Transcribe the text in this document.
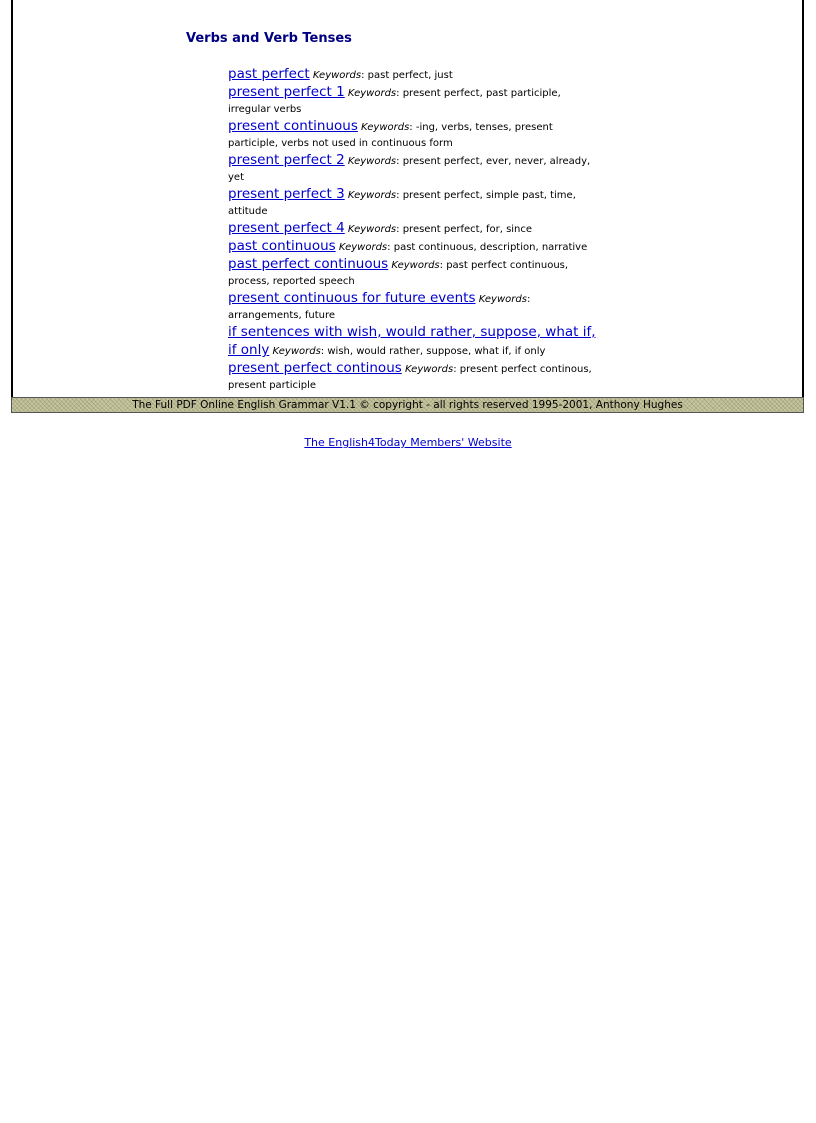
Verbs and Verb Tenses
past perfect Keywords: past perfect, just
present perfect 1 Keywords: present perfect, past participle, irregular verbs
present continuous Keywords: -ing, verbs, tenses, present participle, verbs not used in continuous form
present perfect 2 Keywords: present perfect, ever, never, already, yet
present perfect 3 Keywords: present perfect, simple past, time, attitude
present perfect 4 Keywords: present perfect, for, since
past continuous Keywords: past continuous, description, narrative
past perfect continuous Keywords: past perfect continuous, process, reported speech
present continuous for future events Keywords: arrangements, future
if sentences with wish, would rather, suppose, what if, if only Keywords: wish, would rather, suppose, what if, if only
present perfect continous Keywords: present perfect continous, present participle
The Full PDF Online English Grammar V1.1 © copyright - all rights reserved 1995-2001, Anthony Hughes
The English4Today Members' Website
